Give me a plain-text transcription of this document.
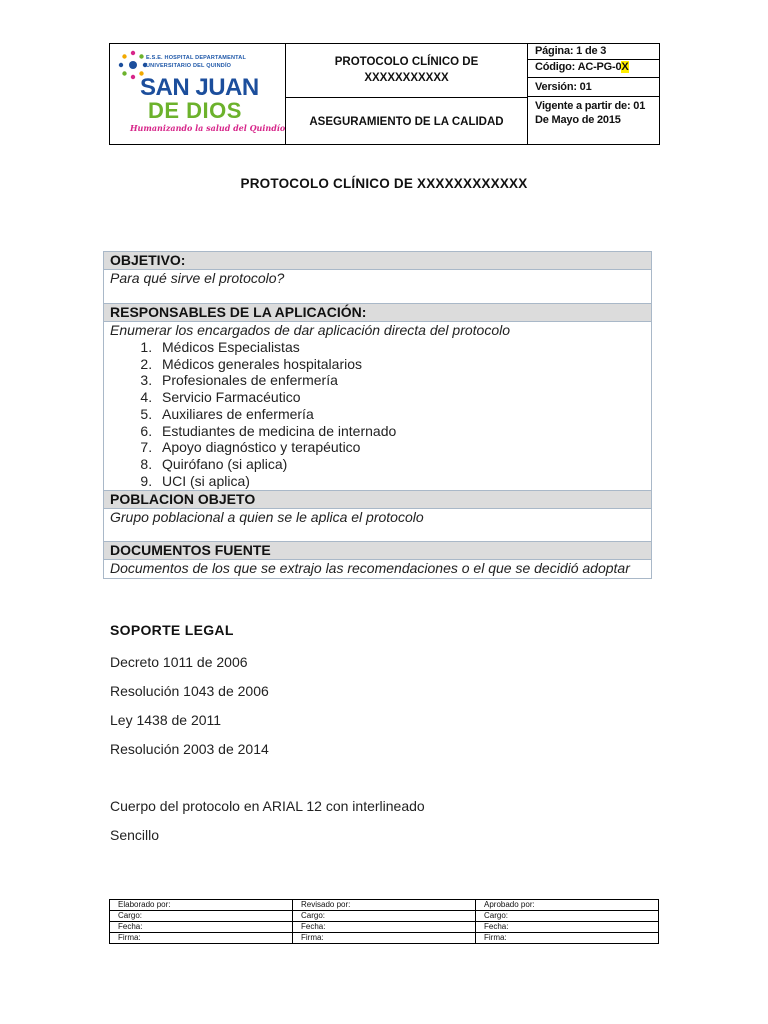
E.S.E. HOSPITAL DEPARTAMENTAL
UNIVERSITARIO DEL QUINDÍO
SAN JUAN
DE DIOS
Humanizando la salud del Quindío
PROTOCOLO CLÍNICO DE
XXXXXXXXXXX
ASEGURAMIENTO DE LA CALIDAD
Página: 1 de 3
Código: AC-PG-0X
Versión: 01
Vigente a partir de: 01
De Mayo de 2015
PROTOCOLO CLÍNICO DE XXXXXXXXXXXX
OBJETIVO:
Para qué sirve el protocolo?
RESPONSABLES DE LA APLICACIÓN:
Enumerar los encargados de dar aplicación directa del protocolo
1. Médicos Especialistas
2. Médicos generales hospitalarios
3. Profesionales de enfermería
4. Servicio Farmacéutico
5. Auxiliares de enfermería
6. Estudiantes de medicina de internado
7. Apoyo diagnóstico y terapéutico
8. Quirófano (si aplica)
9. UCI (si aplica)
POBLACION OBJETO
Grupo poblacional a quien se le aplica el protocolo
DOCUMENTOS FUENTE
Documentos de los que se extrajo las recomendaciones o el que se decidió adoptar
SOPORTE LEGAL
Decreto 1011 de 2006
Resolución 1043 de 2006
Ley 1438 de 2011
Resolución 2003 de 2014
Cuerpo del protocolo en ARIAL 12 con interlineado
Sencillo
Elaborado por:	Revisado por:	Aprobado por:
Cargo:	Cargo:	Cargo:
Fecha:	Fecha:	Fecha:
Firma:	Firma:	Firma:
